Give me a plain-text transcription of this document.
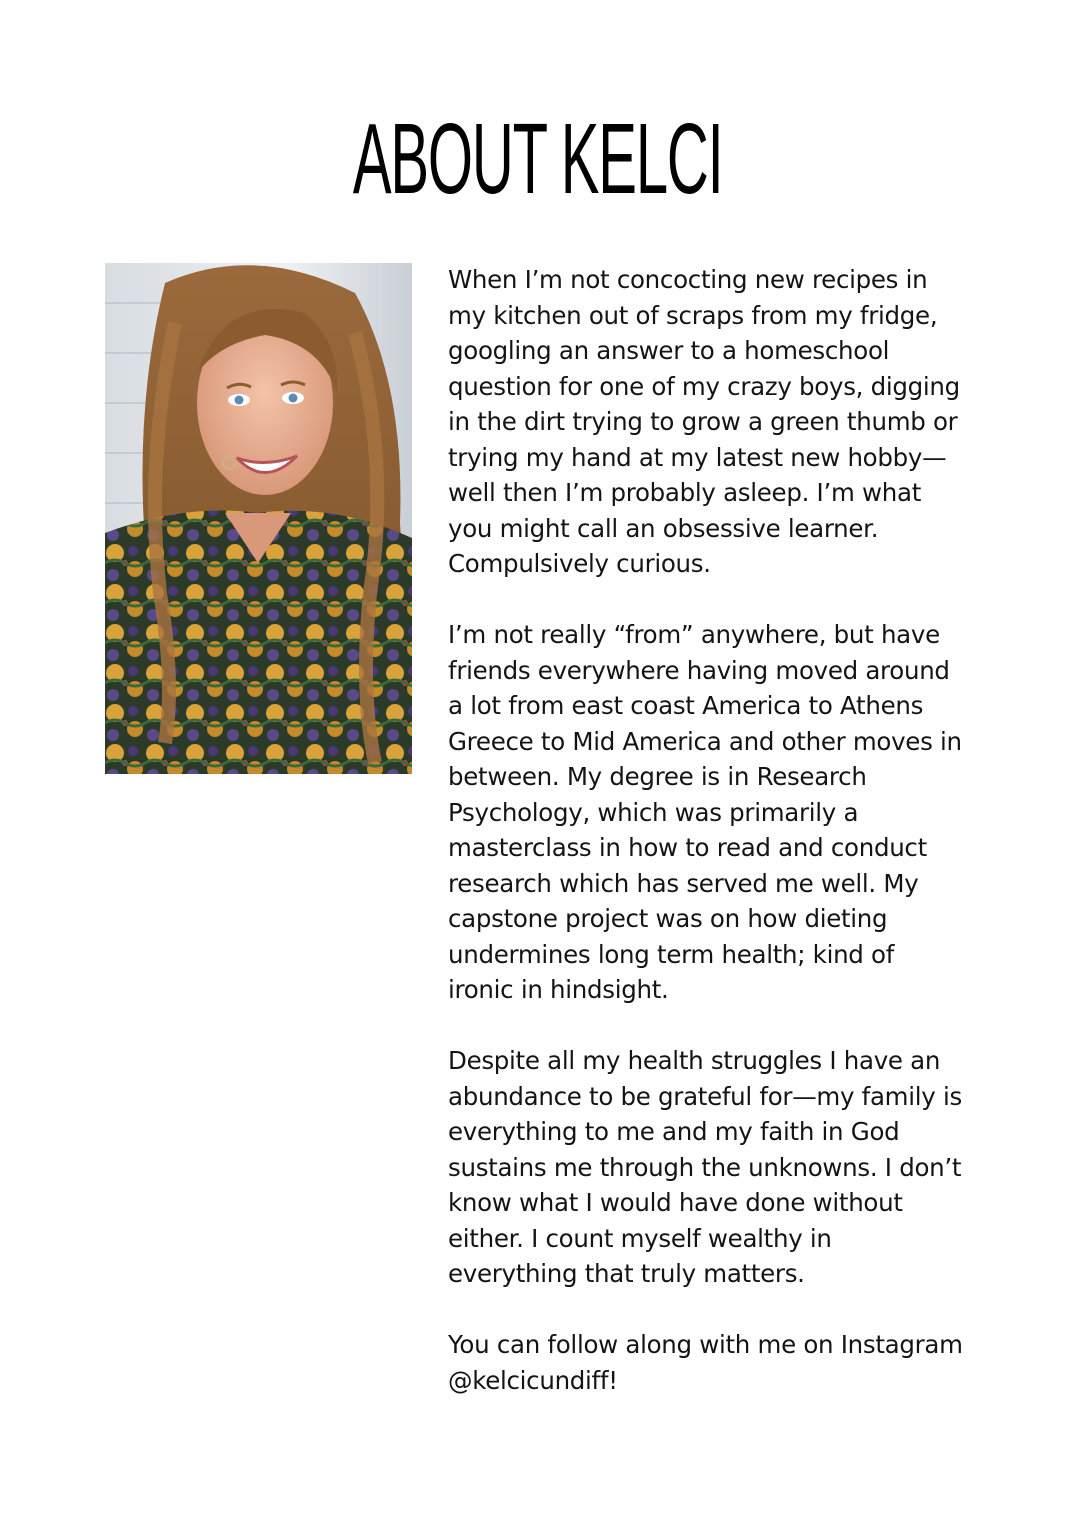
ABOUT KELCI

When I’m not concocting new recipes in
my kitchen out of scraps from my fridge,
googling an answer to a homeschool
question for one of my crazy boys, digging
in the dirt trying to grow a green thumb or
trying my hand at my latest new hobby—
well then I’m probably asleep. I’m what
you might call an obsessive learner.
Compulsively curious.

I’m not really “from” anywhere, but have
friends everywhere having moved around
a lot from east coast America to Athens
Greece to Mid America and other moves in
between. My degree is in Research
Psychology, which was primarily a
masterclass in how to read and conduct
research which has served me well. My
capstone project was on how dieting
undermines long term health; kind of
ironic in hindsight.

Despite all my health struggles I have an
abundance to be grateful for—my family is
everything to me and my faith in God
sustains me through the unknowns. I don’t
know what I would have done without
either. I count myself wealthy in
everything that truly matters.

You can follow along with me on Instagram
@kelcicundiff!
